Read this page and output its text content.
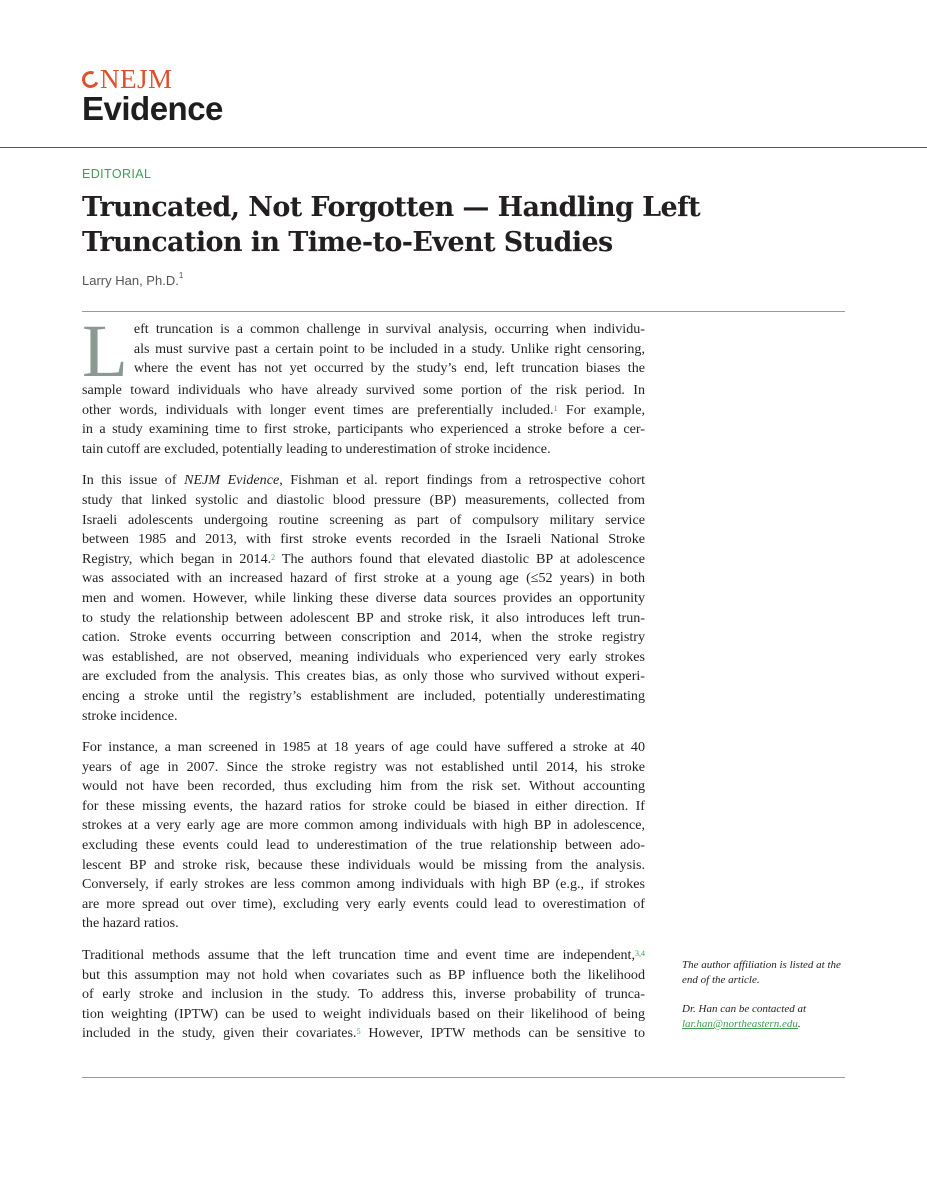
NEJM
Evidence
EDITORIAL
Truncated, Not Forgotten — Handling Left
Truncation in Time-to-Event Studies
Larry Han, Ph.D.$^1$
L eft truncation is a common challenge in survival analysis, occurring when individu-
als must survive past a certain point to be included in a study. Unlike right censoring,
where the event has not yet occurred by the study’s end, left truncation biases the
sample toward individuals who have already survived some portion of the risk period. In
other words, individuals with longer event times are preferentially included.$^1$ For example,
in a study examining time to first stroke, participants who experienced a stroke before a cer-
tain cutoff are excluded, potentially leading to underestimation of stroke incidence.
In this issue of NEJM Evidence, Fishman et al. report findings from a retrospective cohort
study that linked systolic and diastolic blood pressure (BP) measurements, collected from
Israeli adolescents undergoing routine screening as part of compulsory military service
between 1985 and 2013, with first stroke events recorded in the Israeli National Stroke
Registry, which began in 2014.$^2$ The authors found that elevated diastolic BP at adolescence
was associated with an increased hazard of first stroke at a young age (≤52 years) in both
men and women. However, while linking these diverse data sources provides an opportunity
to study the relationship between adolescent BP and stroke risk, it also introduces left trun-
cation. Stroke events occurring between conscription and 2014, when the stroke registry
was established, are not observed, meaning individuals who experienced very early strokes
are excluded from the analysis. This creates bias, as only those who survived without experi-
encing a stroke until the registry’s establishment are included, potentially underestimating
stroke incidence.
For instance, a man screened in 1985 at 18 years of age could have suffered a stroke at 40
years of age in 2007. Since the stroke registry was not established until 2014, his stroke
would not have been recorded, thus excluding him from the risk set. Without accounting
for these missing events, the hazard ratios for stroke could be biased in either direction. If
strokes at a very early age are more common among individuals with high BP in adolescence,
excluding these events could lead to underestimation of the true relationship between ado-
lescent BP and stroke risk, because these individuals would be missing from the analysis.
Conversely, if early strokes are less common among individuals with high BP (e.g., if strokes
are more spread out over time), excluding very early events could lead to overestimation of
the hazard ratios.
Traditional methods assume that the left truncation time and event time are independent,$^{3,4}$
but this assumption may not hold when covariates such as BP influence both the likelihood
of early stroke and inclusion in the study. To address this, inverse probability of trunca-
tion weighting (IPTW) can be used to weight individuals based on their likelihood of being
included in the study, given their covariates.$^5$ However, IPTW methods can be sensitive to

The author affiliation is listed at the end of the article.

Dr. Han can be contacted at lar.han@northeastern.edu.
